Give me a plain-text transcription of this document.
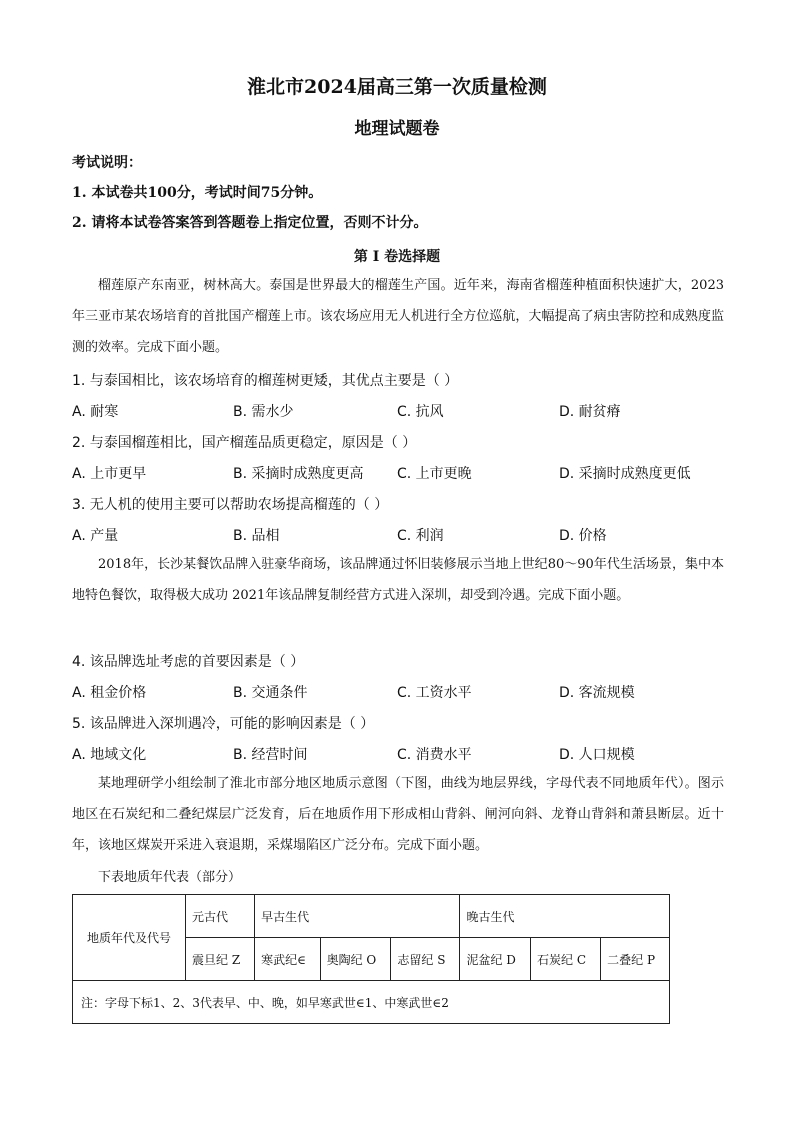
淮北市2024届高三第一次质量检测
地理试题卷
考试说明：
1. 本试卷共100分，考试时间75分钟。
2. 请将本试卷答案答到答题卷上指定位置，否则不计分。
第 I 卷选择题
榴莲原产东南亚，树林高大。泰国是世界最大的榴莲生产国。近年来，海南省榴莲种植面积快速扩大，2023年三亚市某农场培育的首批国产榴莲上市。该农场应用无人机进行全方位巡航，大幅提高了病虫害防控和成熟度监测的效率。完成下面小题。
1. 与泰国相比，该农场培育的榴莲树更矮，其优点主要是（ ）
A. 耐寒	B. 需水少	C. 抗风	D. 耐贫瘠
2. 与泰国榴莲相比，国产榴莲品质更稳定，原因是（ ）
A. 上市更早	B. 采摘时成熟度更高 C. 上市更晚	D. 采摘时成熟度更低
3. 无人机的使用主要可以帮助农场提高榴莲的（ ）
A. 产量	B. 品相	C. 利润	D. 价格
2018年，长沙某餐饮品牌入驻豪华商场，该品牌通过怀旧装修展示当地上世纪80～90年代生活场景，集中本地特色餐饮，取得极大成功 2021年该品牌复制经营方式进入深圳，却受到冷遇。完成下面小题。
4. 该品牌选址考虑的首要因素是（ ）
A. 租金价格	B. 交通条件	C. 工资水平	D. 客流规模
5. 该品牌进入深圳遇冷，可能的影响因素是（ ）
A. 地域文化	B. 经营时间	C. 消费水平	D. 人口规模
某地理研学小组绘制了淮北市部分地区地质示意图（下图，曲线为地层界线，字母代表不同地质年代）。图示地区在石炭纪和二叠纪煤层广泛发育，后在地质作用下形成相山背斜、闸河向斜、龙脊山背斜和萧县断层。近十年，该地区煤炭开采进入衰退期，采煤塌陷区广泛分布。完成下面小题。
下表地质年代表（部分）
地质年代及代号	元古代	早古生代			晚古生代		
	震旦纪 Z	寒武纪∈	奥陶纪 O	志留纪 S	泥盆纪 D	石炭纪 C	二叠纪 P
注：字母下标1、2、3代表早、中、晚，如早寒武世∈1、中寒武世∈2							
